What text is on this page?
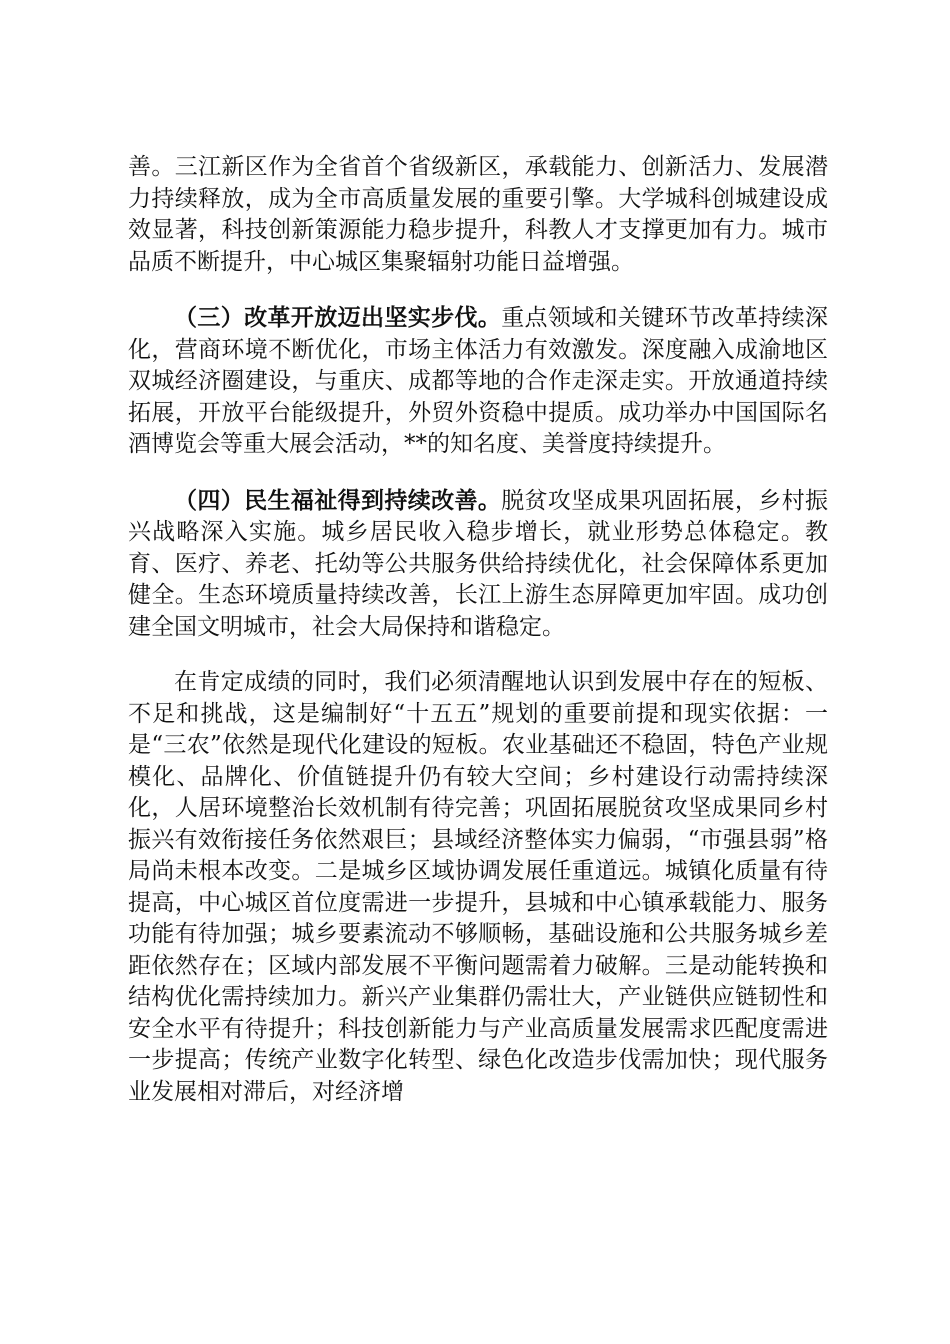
善。三江新区作为全省首个省级新区，承载能力、创新活力、发展潜力持续释放，成为全市高质量发展的重要引擎。大学城科创城建设成效显著，科技创新策源能力稳步提升，科教人才支撑更加有力。城市品质不断提升，中心城区集聚辐射功能日益增强。

（三）改革开放迈出坚实步伐。重点领域和关键环节改革持续深化，营商环境不断优化，市场主体活力有效激发。深度融入成渝地区双城经济圈建设，与重庆、成都等地的合作走深走实。开放通道持续拓展，开放平台能级提升，外贸外资稳中提质。成功举办中国国际名酒博览会等重大展会活动，**的知名度、美誉度持续提升。

（四）民生福祉得到持续改善。脱贫攻坚成果巩固拓展，乡村振兴战略深入实施。城乡居民收入稳步增长，就业形势总体稳定。教育、医疗、养老、托幼等公共服务供给持续优化，社会保障体系更加健全。生态环境质量持续改善，长江上游生态屏障更加牢固。成功创建全国文明城市，社会大局保持和谐稳定。

在肯定成绩的同时，我们必须清醒地认识到发展中存在的短板、不足和挑战，这是编制好“十五五”规划的重要前提和现实依据：一是“三农”依然是现代化建设的短板。农业基础还不稳固，特色产业规模化、品牌化、价值链提升仍有较大空间；乡村建设行动需持续深化，人居环境整治长效机制有待完善；巩固拓展脱贫攻坚成果同乡村振兴有效衔接任务依然艰巨；县域经济整体实力偏弱，“市强县弱”格局尚未根本改变。二是城乡区域协调发展任重道远。城镇化质量有待提高，中心城区首位度需进一步提升，县城和中心镇承载能力、服务功能有待加强；城乡要素流动不够顺畅，基础设施和公共服务城乡差距依然存在；区域内部发展不平衡问题需着力破解。三是动能转换和结构优化需持续加力。新兴产业集群仍需壮大，产业链供应链韧性和安全水平有待提升；科技创新能力与产业高质量发展需求匹配度需进一步提高；传统产业数字化转型、绿色化改造步伐需加快；现代服务业发展相对滞后，对经济增
